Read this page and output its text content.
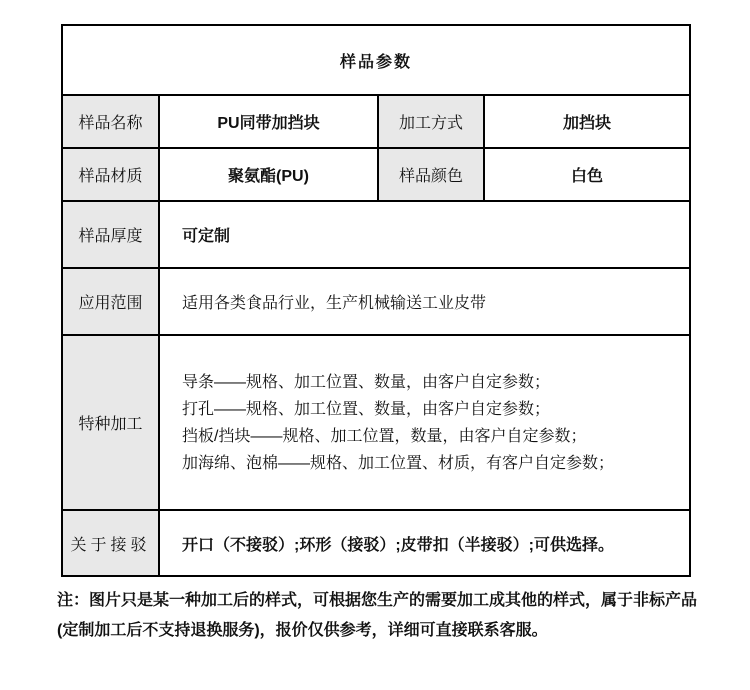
样品参数			
样品名称	PU同带加挡块	加工方式	加挡块
样品材质	聚氨酯(PU)	样品颜色	白色
样品厚度	可定制		
应用范围	适用各类食品行业，生产机械输送工业皮带		
特种加工	导条——规格、加工位置、数量，由客户自定参数；
打孔——规格、加工位置、数量，由客户自定参数；
挡板/挡块——规格、加工位置，数量，由客户自定参数；
加海绵、泡棉——规格、加工位置、材质，有客户自定参数；		

关于接驳	开口（不接驳）;环形（接驳）;皮带扣（半接驳）;可供选择。		
注：图片只是某一种加工后的样式，可根据您生产的需要加工成其他的样式，属于非标产品(定制加工后不支持退换服务)，报价仅供参考，详细可直接联系客服。
